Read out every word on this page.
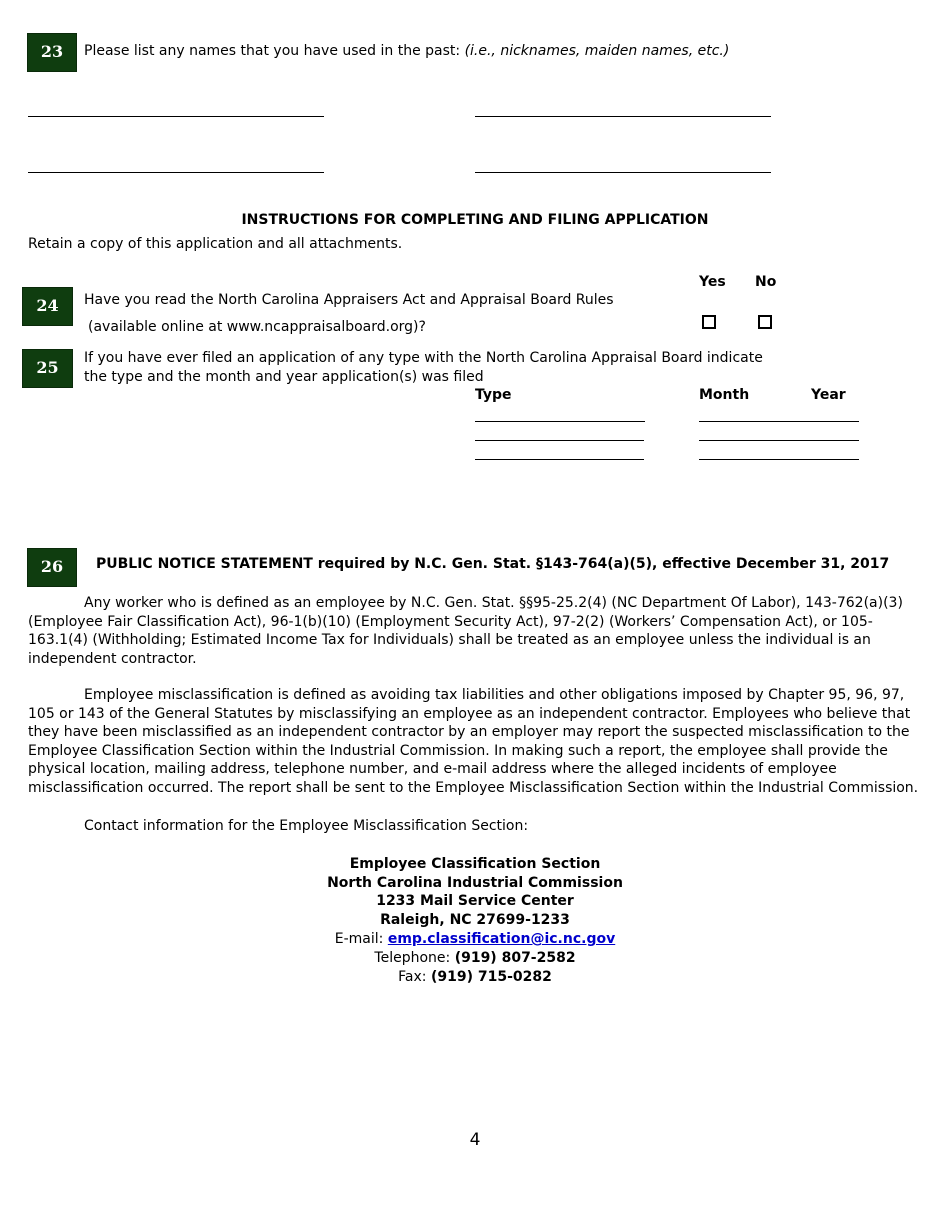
23 Please list any names that you have used in the past: (i.e., nicknames, maiden names, etc.)
INSTRUCTIONS FOR COMPLETING AND FILING APPLICATION
Retain a copy of this application and all attachments.
Yes No
24 Have you read the North Carolina Appraisers Act and Appraisal Board Rules
(available online at www.ncappraisalboard.org)?
25
If you have ever filed an application of any type with the North Carolina Appraisal Board indicate
the type and the month and year application(s) was filed
Type	Month	Year
26 PUBLIC NOTICE STATEMENT required by N.C. Gen. Stat. §143-764(a)(5), effective December 31, 2017
Any worker who is defined as an employee by N.C. Gen. Stat. §§95-25.2(4) (NC Department Of Labor), 143-762(a)(3) (Employee Fair Classification Act), 96-1(b)(10) (Employment Security Act), 97-2(2) (Workers’ Compensation Act), or 105-163.1(4) (Withholding; Estimated Income Tax for Individuals) shall be treated as an employee unless the individual is an independent contractor.
Employee misclassification is defined as avoiding tax liabilities and other obligations imposed by Chapter 95, 96, 97, 105 or 143 of the General Statutes by misclassifying an employee as an independent contractor. Employees who believe that they have been misclassified as an independent contractor by an employer may report the suspected misclassification to the Employee Classification Section within the Industrial Commission. In making such a report, the employee shall provide the physical location, mailing address, telephone number, and e-mail address where the alleged incidents of employee misclassification occurred. The report shall be sent to the Employee Misclassification Section within the Industrial Commission.
Contact information for the Employee Misclassification Section:
Employee Classification Section
North Carolina Industrial Commission
1233 Mail Service Center
Raleigh, NC 27699-1233
E-mail: emp.classification@ic.nc.gov
Telephone: (919) 807-2582
Fax: (919) 715-0282
4
